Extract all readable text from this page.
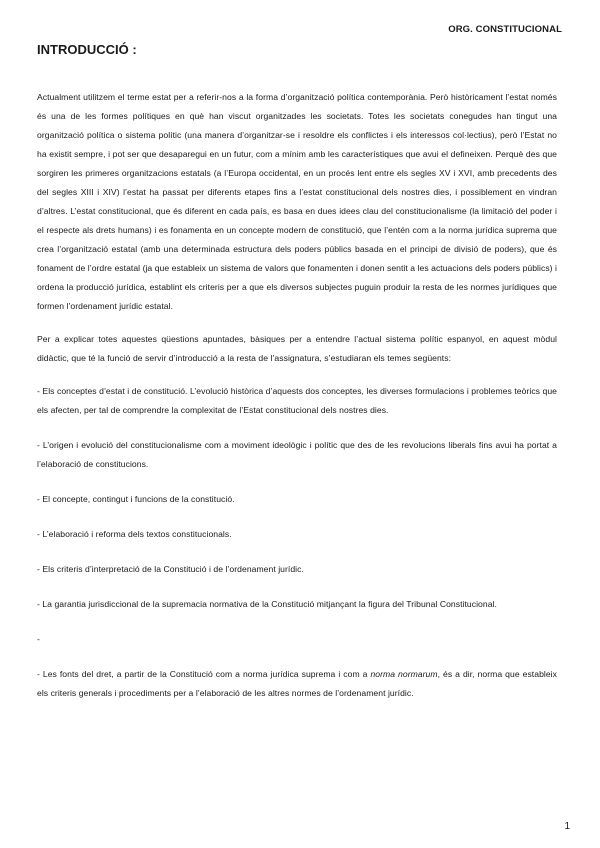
ORG. CONSTITUCIONAL
INTRODUCCIÓ :

Actualment utilitzem el terme estat per a referir-nos a la forma d’organització política contemporània. Però històricament l’estat només és una de les formes polítiques en què han viscut organitzades les societats. Totes les societats conegudes han tingut una organització política o sistema polític (una manera d’organitzar-se i resoldre els conflictes i els interessos col·lectius), però l’Estat no ha existit sempre, i pot ser que desaparegui en un futur, com a mínim amb les característiques que avui el defineixen. Perquè des que sorgiren les primeres organitzacions estatals (a l’Europa occidental, en un procés lent entre els segles XV i XVI, amb precedents des del segles XIII i XIV) l’estat ha passat per diferents etapes fins a l’estat constitucional dels nostres dies, i possiblement en vindran d’altres. L’estat constitucional, que és diferent en cada país, es basa en dues idees clau del constitucionalisme (la limitació del poder i el respecte als drets humans) i es fonamenta en un concepte modern de constitució, que l’entén com a la norma jurídica suprema que crea l’organització estatal (amb una determinada estructura dels poders públics basada en el principi de divisió de poders), que és fonament de l’ordre estatal (ja que estableix un sistema de valors que fonamenten i donen sentit a les actuacions dels poders públics) i ordena la producció jurídica, establint els criteris per a que els diversos subjectes puguin produir la resta de les normes jurídiques que formen l’ordenament jurídic estatal.

Per a explicar totes aquestes qüestions apuntades, bàsiques per a entendre l’actual sistema polític espanyol, en aquest mòdul didàctic, que té la funció de servir d’introducció a la resta de l’assignatura, s’estudiaran els temes següents:

- Els conceptes d’estat i de constitució. L’evolució històrica d’aquests dos conceptes, les diverses formulacions i problemes teòrics que els afecten, per tal de comprendre la complexitat de l’Estat constitucional dels nostres dies.

- L’origen i evolució del constitucionalisme com a moviment ideològic i polític que des de les revolucions liberals fins avui ha portat a l’elaboració de constitucions.

- El concepte, contingut i funcions de la constitució.

- L’elaboració i reforma dels textos constitucionals.

- Els criteris d’interpretació de la Constitució i de l’ordenament jurídic.

- La garantia jurisdiccional de la supremacia normativa de la Constitució mitjançant la figura del Tribunal Constitucional.

-

- Les fonts del dret, a partir de la Constitució com a norma jurídica suprema i com a norma normarum, és a dir, norma que estableix els criteris generals i procediments per a l’elaboració de les altres normes de l’ordenament jurídic.

1
